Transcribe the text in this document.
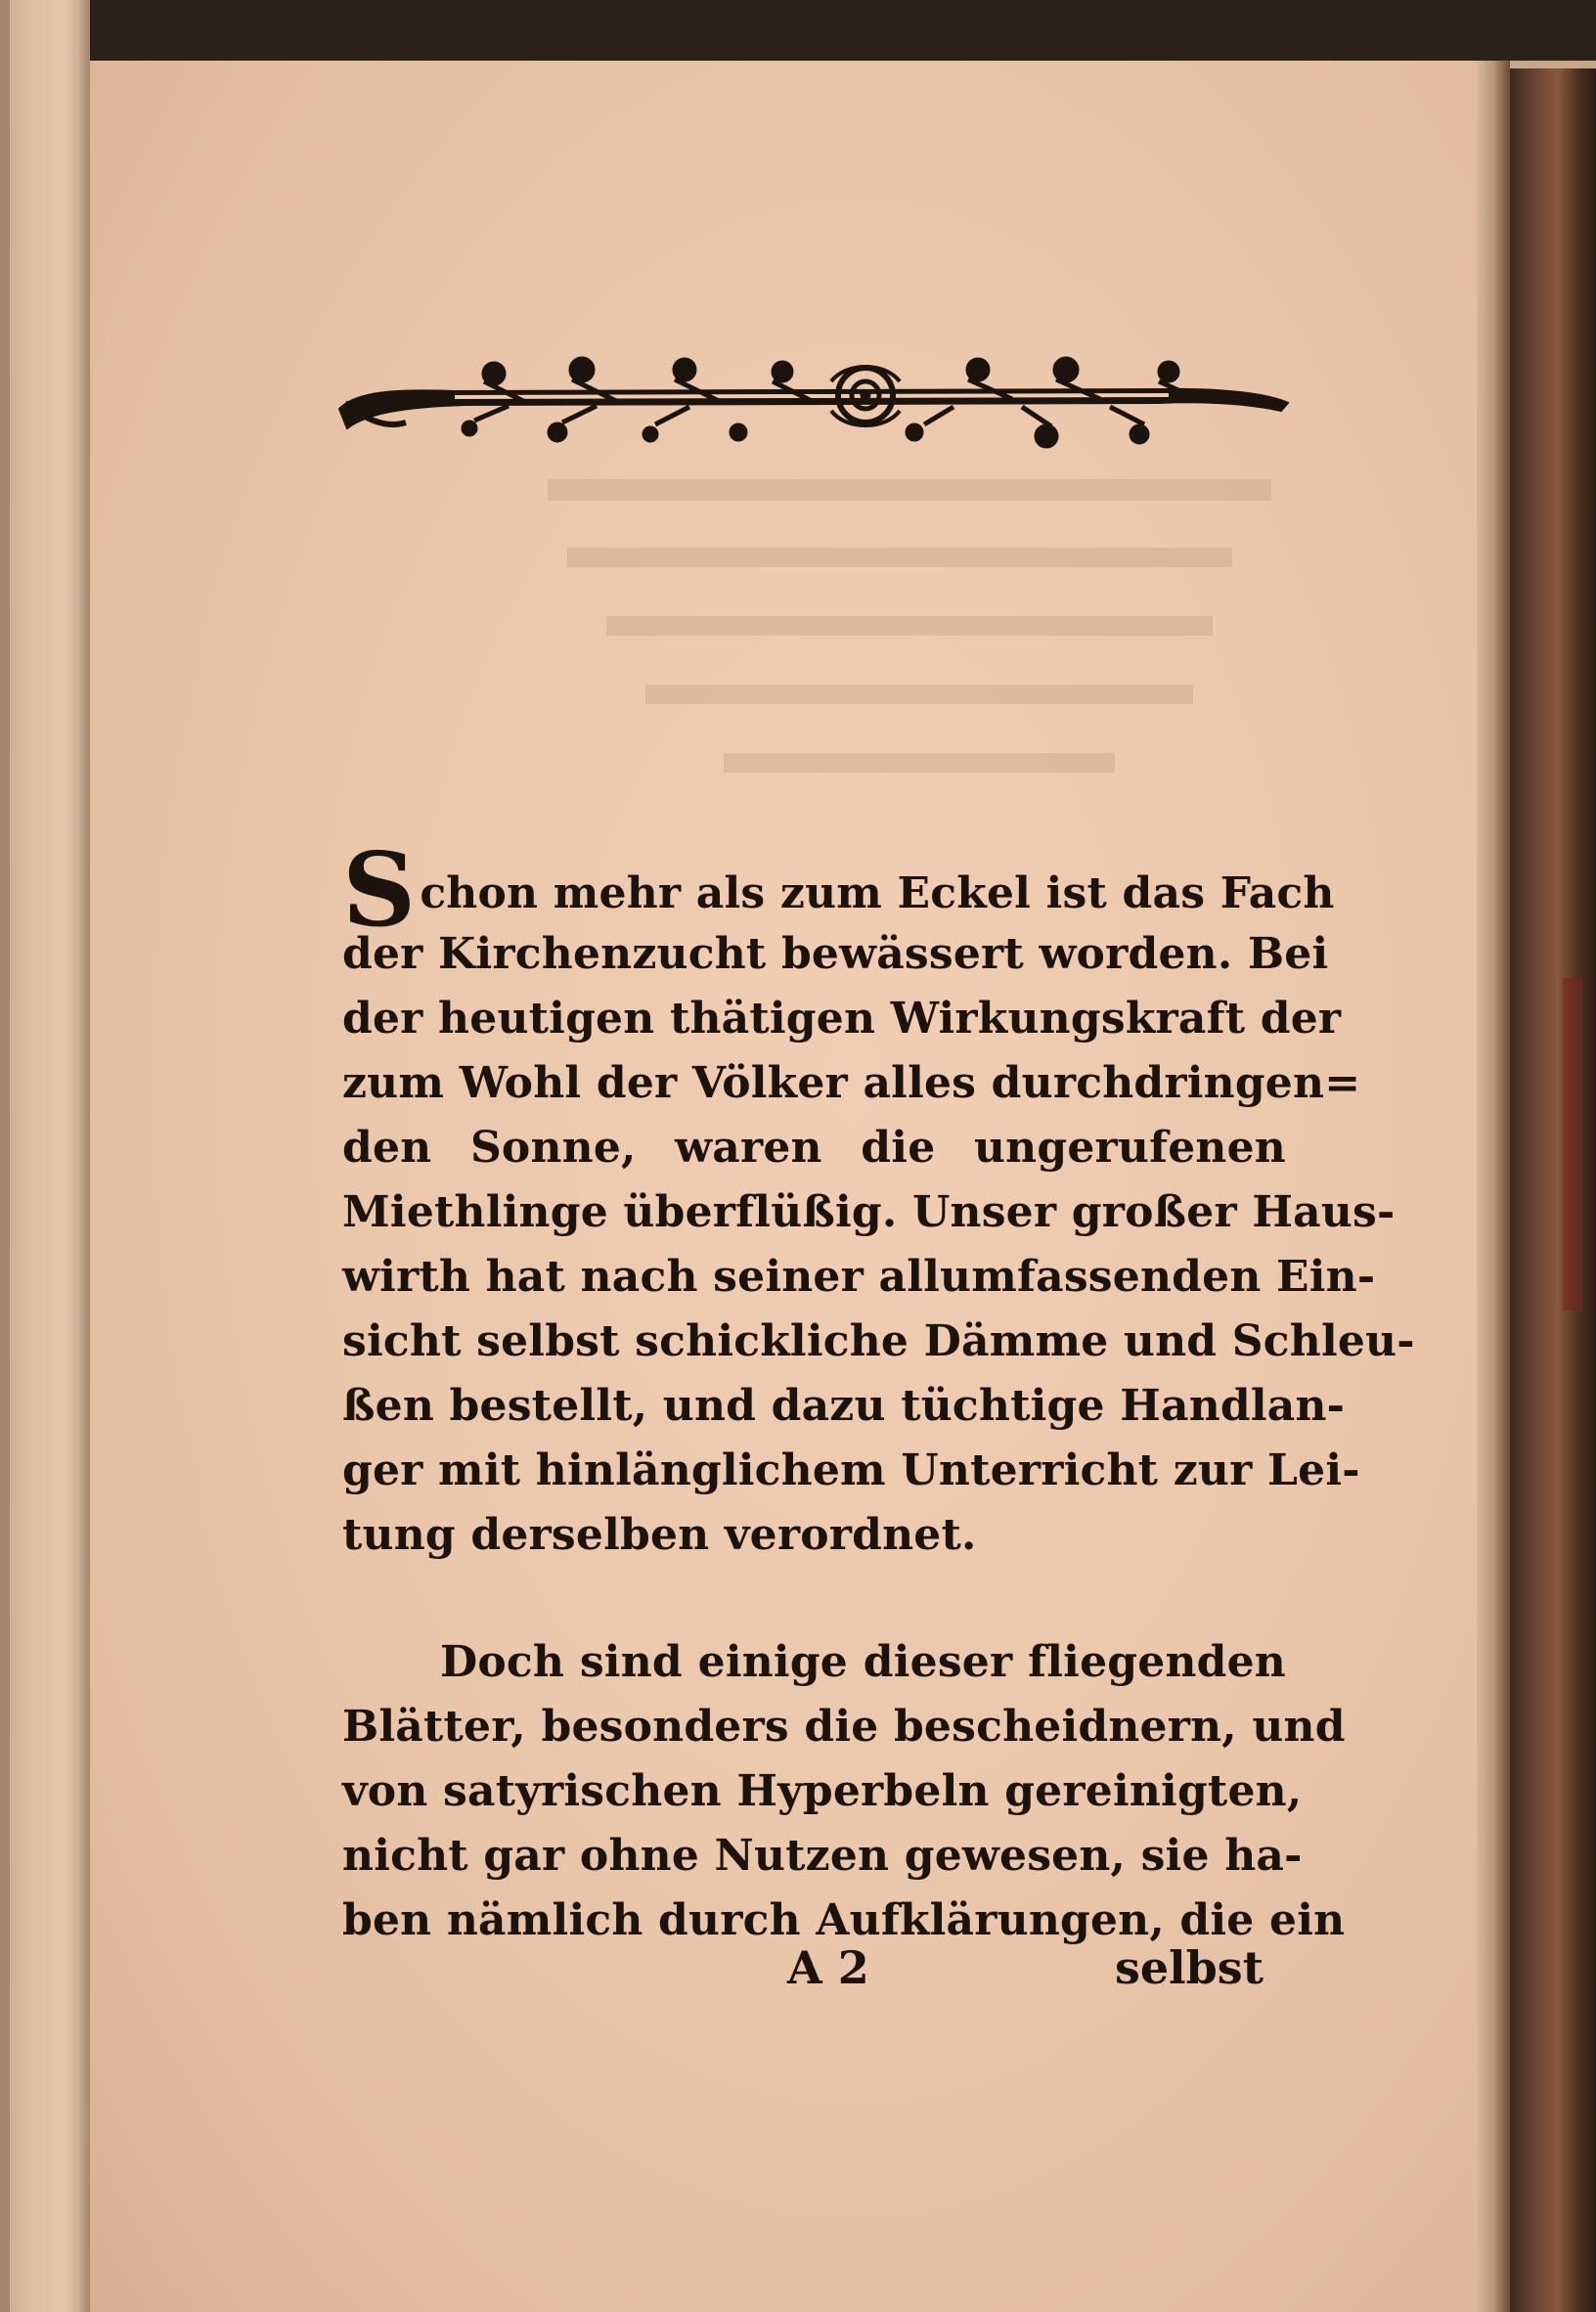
Schon mehr als zum Eckel ist das Fach
der Kirchenzucht bewässert worden. Bei
der heutigen thätigen Wirkungskraft der
zum Wohl der Völker alles durchdringen=
den Sonne, waren die ungerufenen
Miethlinge überflüßig. Unser großer Haus-
wirth hat nach seiner allumfassenden Ein-
sicht selbst schickliche Dämme und Schleu-
ßen bestellt, und dazu tüchtige Handlan-
ger mit hinlänglichem Unterricht zur Lei-
tung derselben verordnet.
Doch sind einige dieser fliegenden
Blätter, besonders die bescheidnern, und
von satyrischen Hyperbeln gereinigten,
nicht gar ohne Nutzen gewesen, sie ha-
ben nämlich durch Aufklärungen, die ein
A 2	selbst
